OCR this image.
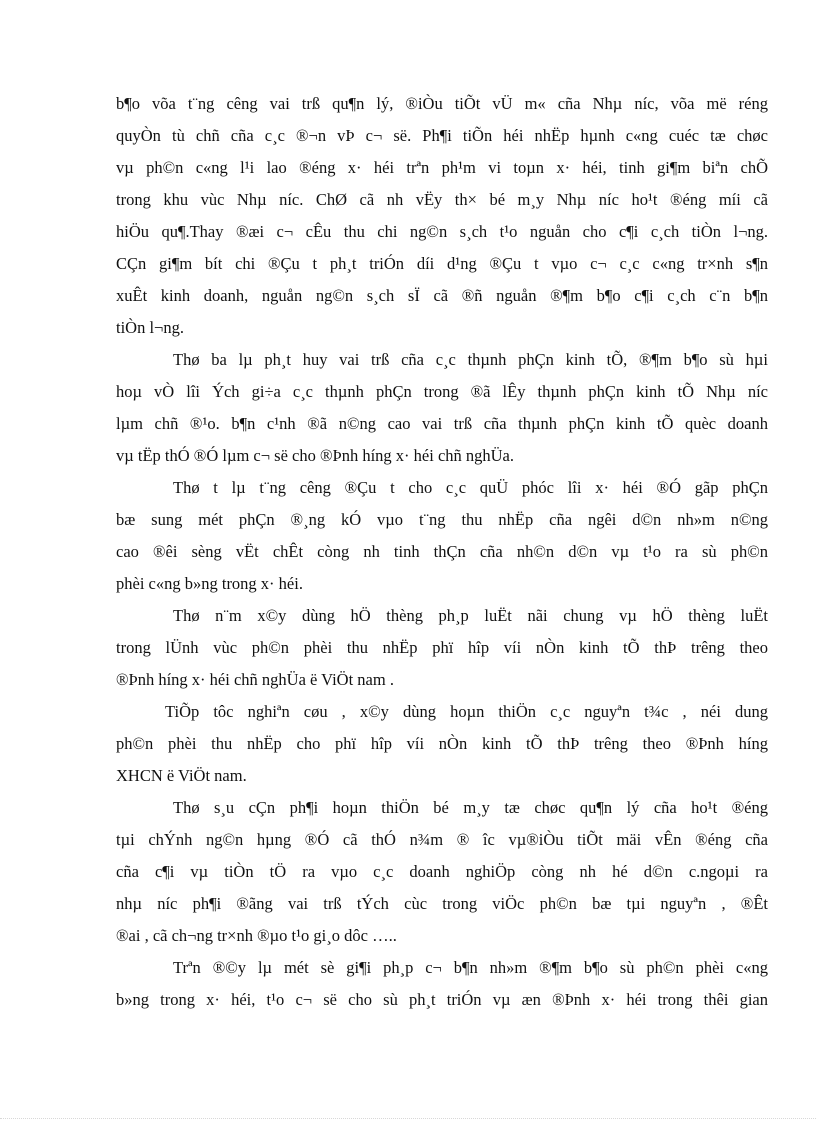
b¶o võa t¨ng cêng vai trß qu¶n lý, ®iÒu tiÕt vÜ m« cña Nhµ níc, võa më réng
quyÒn tù chñ cña c¸c ®¬n vÞ c¬ së. Ph¶i tiÕn héi nhËp hµnh c«ng cuéc tæ chøc
vµ ph©n c«ng l¹i lao ®éng x· héi trªn ph¹m vi toµn x· héi, tinh gi¶m biªn chÕ
trong khu vùc Nhµ níc. ChØ cã nh vËy th× bé m¸y Nhµ níc ho¹t ®éng míi cã
hiÖu qu¶.Thay ®æi c¬ cÊu thu chi ng©n s¸ch t¹o nguån cho c¶i c¸ch tiÒn l¬ng.
CÇn gi¶m bít chi ®Çu t ph¸t triÓn díi d¹ng ®Çu t vµo c¬ c¸c c«ng tr×nh s¶n
xuÊt kinh doanh, nguån ng©n s¸ch sÏ cã ®ñ nguån ®¶m b¶o c¶i c¸ch c¨n b¶n
tiÒn l¬ng.
Thø ba lµ ph¸t huy vai trß cña c¸c thµnh phÇn kinh tÕ, ®¶m b¶o sù hµi
hoµ vÒ lîi Ých gi÷a c¸c thµnh phÇn trong ®ã lÊy thµnh phÇn kinh tÕ Nhµ níc
lµm chñ ®¹o. b¶n c¹nh ®ã n©ng cao vai trß cña thµnh phÇn kinh tÕ quèc doanh
vµ tËp thÓ ®Ó lµm c¬ së cho ®Þnh híng x· héi chñ nghÜa.
Thø t lµ t¨ng cêng ®Çu t cho c¸c quÜ phóc lîi x· héi ®Ó gãp phÇn
bæ sung mét phÇn ®¸ng kÓ vµo t¨ng thu nhËp cña ngêi d©n nh»m n©ng
cao ®êi sèng vËt chÊt còng nh tinh thÇn cña nh©n d©n vµ t¹o ra sù ph©n
phèi c«ng b»ng trong x· héi.
Thø n¨m x©y dùng hÖ thèng ph¸p luËt nãi chung vµ hÖ thèng luËt
trong lÜnh vùc ph©n phèi thu nhËp phï hîp víi nÒn kinh tÕ thÞ trêng theo
®Þnh híng x· héi chñ nghÜa ë ViÖt nam .
TiÕp tôc nghiªn cøu , x©y dùng hoµn thiÖn c¸c nguyªn t¾c , néi dung
ph©n phèi thu nhËp cho phï hîp víi nÒn kinh tÕ thÞ trêng theo ®Þnh híng
XHCN ë ViÖt nam.
Thø s¸u cÇn ph¶i hoµn thiÖn bé m¸y tæ chøc qu¶n lý cña ho¹t ®éng
tµi chÝnh ng©n hµng ®Ó cã thÓ n¾m ® îc vµ®iÒu tiÕt mäi vÊn ®éng cña
cña c¶i vµ tiÒn tÖ ra vµo c¸c doanh nghiÖp còng nh hé d©n c.ngoµi ra
nhµ níc ph¶i ®ãng vai trß tÝch cùc trong viÖc ph©n bæ tµi nguyªn , ®Êt
®ai , cã ch¬ng tr×nh ®µo t¹o gi¸o dôc …..
Trªn ®©y lµ mét sè gi¶i ph¸p c¬ b¶n nh»m ®¶m b¶o sù ph©n phèi c«ng
b»ng trong x· héi, t¹o c¬ së cho sù ph¸t triÓn vµ æn ®Þnh x· héi trong thêi gian
